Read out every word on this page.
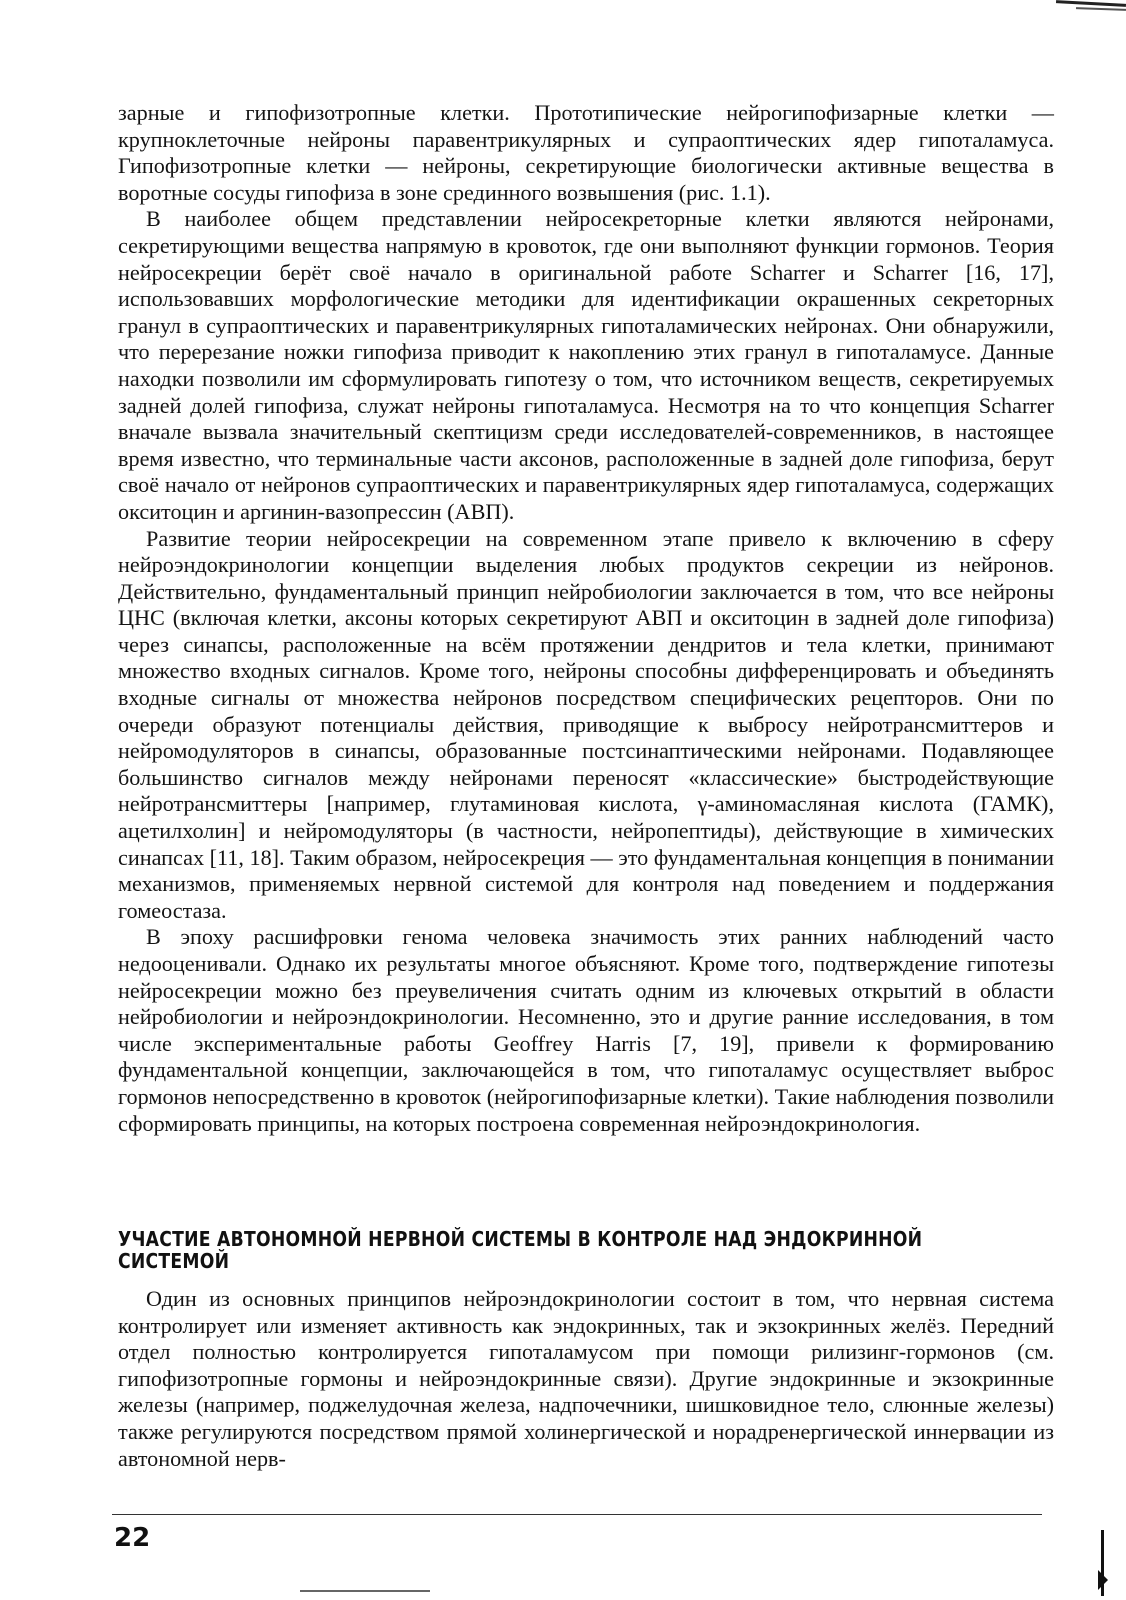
зарные и гипофизотропные клетки. Прототипические нейрогипофизарные клетки — крупноклеточные нейроны паравентрикулярных и супраоптических ядер гипоталамуса. Гипофизотропные клетки — нейроны, секретирующие биологически активные вещества в воротные сосуды гипофиза в зоне срединного возвышения (рис. 1.1).

В наиболее общем представлении нейросекреторные клетки являются нейронами, секретирующими вещества напрямую в кровоток, где они выполняют функции гормонов. Теория нейросекреции берёт своё начало в оригинальной работе Scharrer и Scharrer [16, 17], использовавших морфологические методики для идентификации окрашенных секреторных гранул в супраоптических и паравентрикулярных гипоталамических нейронах. Они обнаружили, что перерезание ножки гипофиза приводит к накоплению этих гранул в гипоталамусе. Данные находки позволили им сформулировать гипотезу о том, что источником веществ, секретируемых задней долей гипофиза, служат нейроны гипоталамуса. Несмотря на то что концепция Scharrer вначале вызвала значительный скептицизм среди исследователей-современников, в настоящее время известно, что терминальные части аксонов, расположенные в задней доле гипофиза, берут своё начало от нейронов супраоптических и паравентрикулярных ядер гипоталамуса, содержащих окситоцин и аргинин-вазопрессин (АВП).

Развитие теории нейросекреции на современном этапе привело к включению в сферу нейроэндокринологии концепции выделения любых продуктов секреции из нейронов. Действительно, фундаментальный принцип нейробиологии заключается в том, что все нейроны ЦНС (включая клетки, аксоны которых секретируют АВП и окситоцин в задней доле гипофиза) через синапсы, расположенные на всём протяжении дендритов и тела клетки, принимают множество входных сигналов. Кроме того, нейроны способны дифференцировать и объединять входные сигналы от множества нейронов посредством специфических рецепторов. Они по очереди образуют потенциалы действия, приводящие к выбросу нейротрансмиттеров и нейромодуляторов в синапсы, образованные постсинаптическими нейронами. Подавляющее большинство сигналов между нейронами переносят «классические» быстродействующие нейротрансмиттеры [например, глутаминовая кислота, γ-аминомасляная кислота (ГАМК), ацетилхолин] и нейромодуляторы (в частности, нейропептиды), действующие в химических синапсах [11, 18]. Таким образом, нейросекреция — это фундаментальная концепция в понимании механизмов, применяемых нервной системой для контроля над поведением и поддержания гомеостаза.

В эпоху расшифровки генома человека значимость этих ранних наблюдений часто недооценивали. Однако их результаты многое объясняют. Кроме того, подтверждение гипотезы нейросекреции можно без преувеличения считать одним из ключевых открытий в области нейробиологии и нейроэндокринологии. Несомненно, это и другие ранние исследования, в том числе экспериментальные работы Geoffrey Harris [7, 19], привели к формированию фундаментальной концепции, заключающейся в том, что гипоталамус осуществляет выброс гормонов непосредственно в кровоток (нейрогипофизарные клетки). Такие наблюдения позволили сформировать принципы, на которых построена современная нейроэндокринология.

УЧАСТИЕ АВТОНОМНОЙ НЕРВНОЙ СИСТЕМЫ В КОНТРОЛЕ НАД ЭНДОКРИННОЙ СИСТЕМОЙ

Один из основных принципов нейроэндокринологии состоит в том, что нервная система контролирует или изменяет активность как эндокринных, так и экзокринных желёз. Передний отдел полностью контролируется гипоталамусом при помощи рилизинг-гормонов (см. гипофизотропные гормоны и нейроэндокринные связи). Другие эндокринные и экзокринные железы (например, поджелудочная железа, надпочечники, шишковидное тело, слюнные железы) также регулируются посредством прямой холинергической и норадренергической иннервации из автономной нерв-

22
